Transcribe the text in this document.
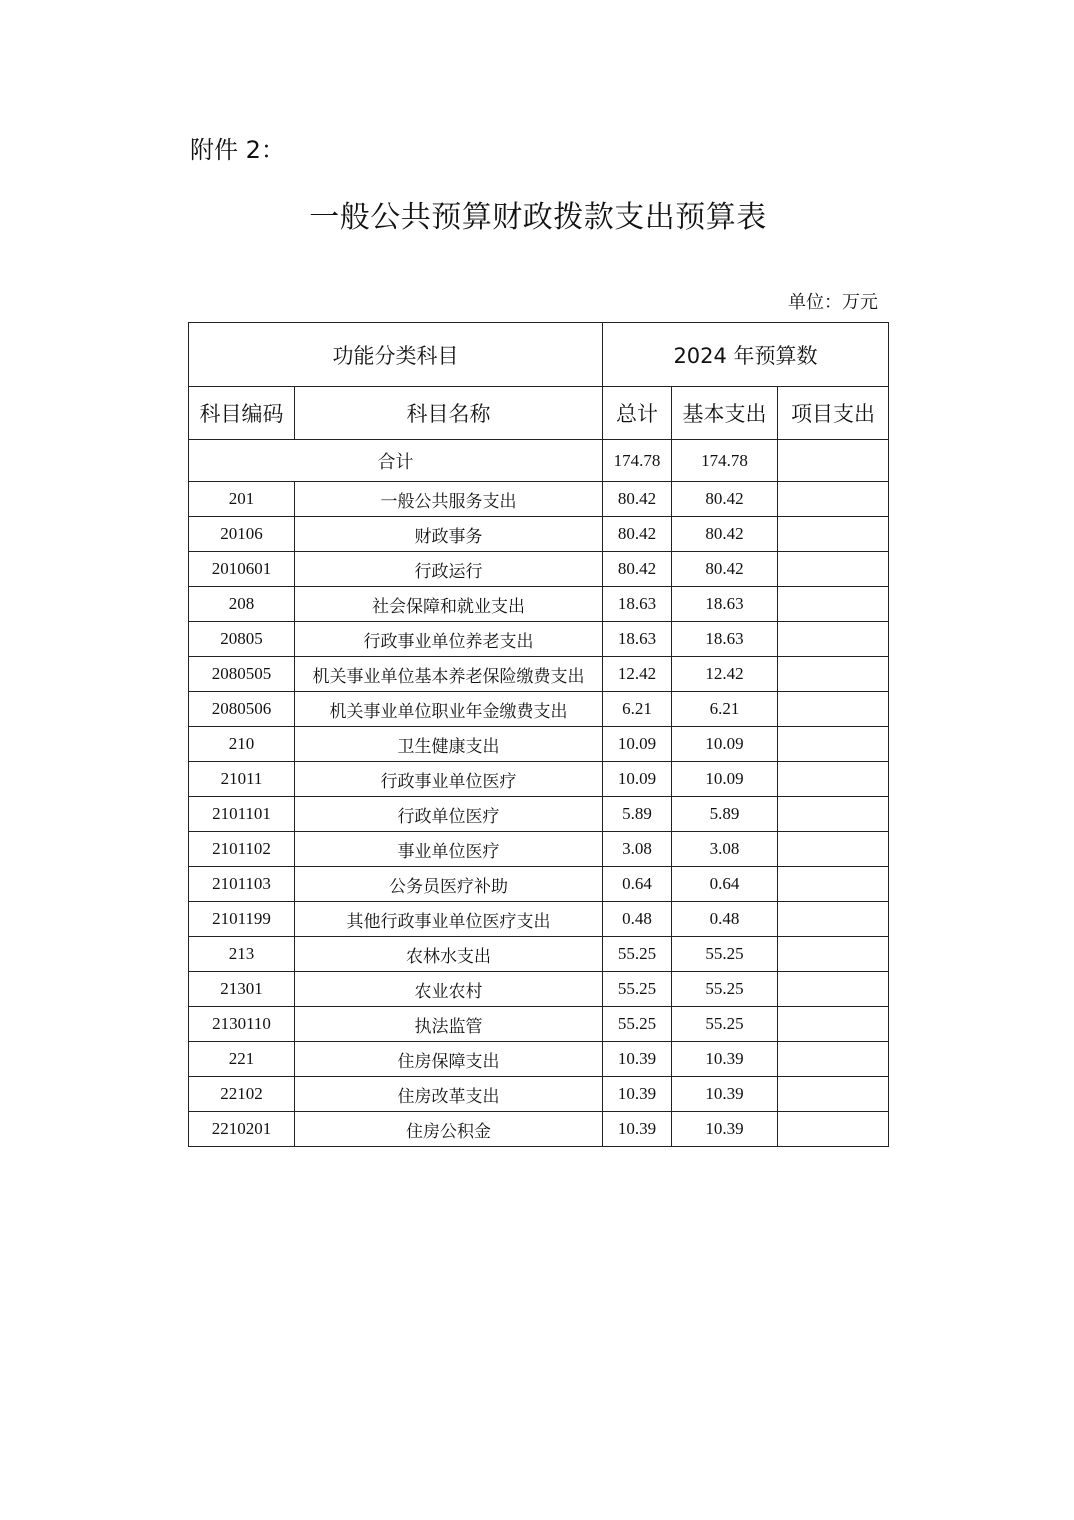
附件 2：
一般公共预算财政拨款支出预算表
单位：万元
功能分类科目		2024 年预算数		
科目编码	科目名称	总计	基本支出	项目支出
合计		174.78	174.78	
201	一般公共服务支出	80.42	80.42	
20106	财政事务	80.42	80.42	
2010601	行政运行	80.42	80.42	
208	社会保障和就业支出	18.63	18.63	
20805	行政事业单位养老支出	18.63	18.63	
2080505	机关事业单位基本养老保险缴费支出	12.42	12.42	
2080506	机关事业单位职业年金缴费支出	6.21	6.21	
210	卫生健康支出	10.09	10.09	
21011	行政事业单位医疗	10.09	10.09	
2101101	行政单位医疗	5.89	5.89	
2101102	事业单位医疗	3.08	3.08	
2101103	公务员医疗补助	0.64	0.64	
2101199	其他行政事业单位医疗支出	0.48	0.48	
213	农林水支出	55.25	55.25	
21301	农业农村	55.25	55.25	
2130110	执法监管	55.25	55.25	
221	住房保障支出	10.39	10.39	
22102	住房改革支出	10.39	10.39	
2210201	住房公积金	10.39	10.39	
